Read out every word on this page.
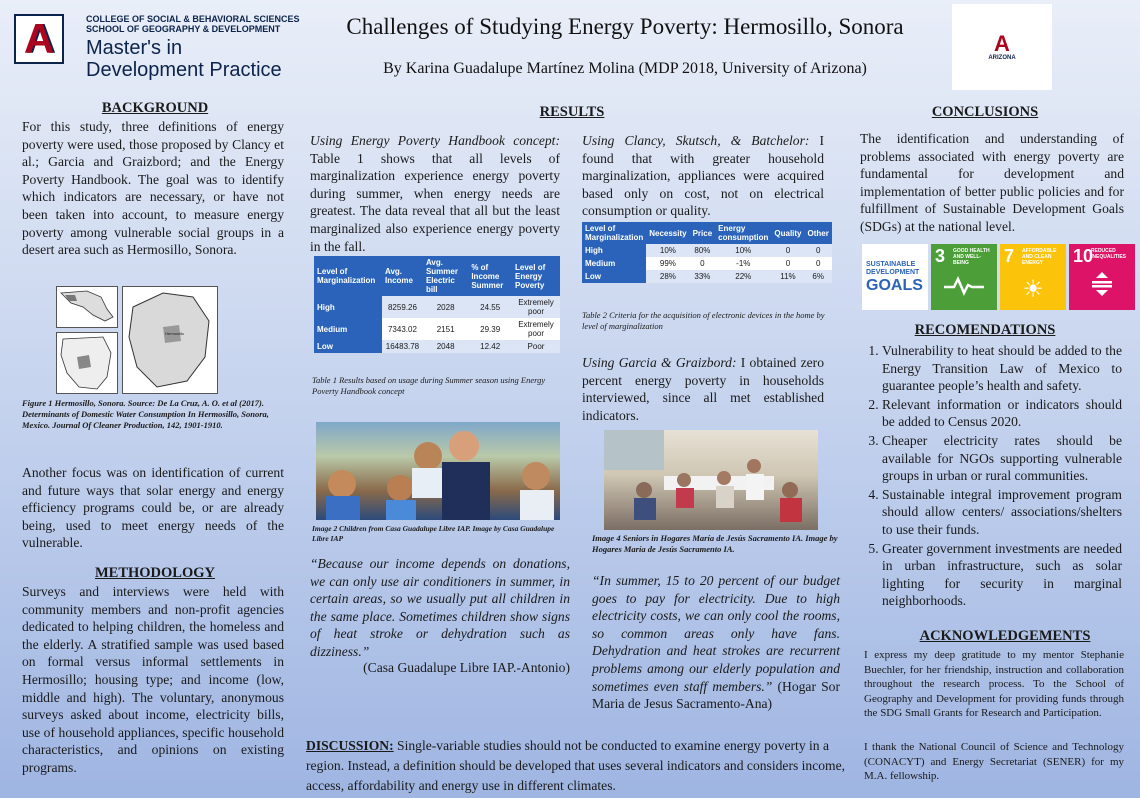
A	COLLEGE OF SOCIAL & BEHAVIORAL SCIENCES
SCHOOL OF GEOGRAPHY & DEVELOPMENT
Master's in
Development Practice
Challenges of Studying Energy Poverty: Hermosillo, Sonora
By Karina Guadalupe Martínez Molina (MDP 2018, University of Arizona)
A
ARIZONA
BACKGROUND
For this study, three definitions of energy poverty were used, those proposed by Clancy et al.; Garcia and Graizbord; and the Energy Poverty Handbook. The goal was to identify which indicators are necessary, or have not been taken into account, to measure energy poverty among vulnerable social groups in a desert area such as Hermosillo, Sonora.
Hermosillo
Figure 1 Hermosillo, Sonora. Source: De La Cruz, A. O. et al (2017). Determinants of Domestic Water Consumption In Hermosillo, Sonora, Mexico. Journal Of Cleaner Production, 142, 1901-1910.
Another focus was on identification of current and future ways that solar energy and energy efficiency programs could be, or are already being, used to meet energy needs of the vulnerable.
METHODOLOGY
Surveys and interviews were held with community members and non-profit agencies dedicated to helping children, the homeless and the elderly. A stratified sample was used based on formal versus informal settlements in Hermosillo; housing type; and income (low, middle and high). The voluntary, anonymous surveys asked about income, electricity bills, use of household appliances, specific household characteristics, and opinions on existing programs.
RESULTS
Using Energy Poverty Handbook concept: Table 1 shows that all levels of marginalization experience energy poverty during summer, when energy needs are greatest. The data reveal that all but the least marginalized also experience energy poverty in the fall.
Level of Marginalization	Avg. Income	Avg. Summer Electric bill	% of Income Summer	Level of Energy Poverty
High	8259.26	2028	24.55	Extremely poor
Medium	7343.02	2151	29.39	Extremely poor
Low	16483.78	2048	12.42	Poor
Table 1 Results based on usage during Summer season using Energy Poverty Handbook concept
Image 2 Children from Casa Guadalupe Libre IAP. Image by Casa Guadalupe Libre IAP
“Because our income depends on donations, we can only use air conditioners in summer, in certain areas, so we usually put all children in the same place. Sometimes children show signs of heat stroke or dehydration such as dizziness.”
(Casa Guadalupe Libre IAP.-Antonio)
Using Clancy, Skutsch, & Batchelor: I found that with greater household marginalization, appliances were acquired based only on cost, not on electrical consumption or quality.
Level of Marginalization	Necessity	Price	Energy consumption	Quality	Other
High	10%	80%	10%	0	0
Medium	99%	0	-1%	0	0
Low	28%	33%	22%	11%	6%
Table 2 Criteria for the acquisition of electronic devices in the home by level of marginalization
Using Garcia & Graizbord: I obtained zero percent energy poverty in households interviewed, since all met established indicators.
Image 4 Seniors in Hogares María de Jesús Sacramento IA. Image by Hogares María de Jesús Sacramento IA.
“In summer, 15 to 20 percent of our budget goes to pay for electricity. Due to high electricity costs, we can only cool the rooms, so common areas only have fans. Dehydration and heat strokes are recurrent problems among our elderly population and sometimes even staff members.” (Hogar Sor Maria de Jesus Sacramento-Ana)
DISCUSSION: Single-variable studies should not be conducted to examine energy poverty in a region. Instead, a definition should be developed that uses several indicators and considers income, access, affordability and energy use in different climates.
CONCLUSIONS
The identification and understanding of problems associated with energy poverty are fundamental for development and implementation of better public policies and for fulfillment of Sustainable Development Goals (SDGs) at the national level.
SUSTAINABLE DEVELOPMENT
GOALS
3 GOOD HEALTH AND WELL-BEING	7 AFFORDABLE AND CLEAN ENERGY
☀
10
REDUCED INEQUALITIES
RECOMENDATIONS
1. Vulnerability to heat should be added to the Energy Transition Law of Mexico to guarantee people’s health and safety.
2. Relevant information or indicators should be added to Census 2020.
3. Cheaper electricity rates should be available for NGOs supporting vulnerable groups in urban or rural communities.
4. Sustainable integral improvement program should allow centers/ associations/shelters to use their funds.
5. Greater government investments are needed in urban infrastructure, such as solar lighting for security in marginal neighborhoods.
ACKNOWLEDGEMENTS
I express my deep gratitude to my mentor Stephanie Buechler, for her friendship, instruction and collaboration throughout the research process. To the School of Geography and Development for providing funds through the SDG Small Grants for Research and Participation.
I thank the National Council of Science and Technology (CONACYT) and Energy Secretariat (SENER) for my M.A. fellowship.
